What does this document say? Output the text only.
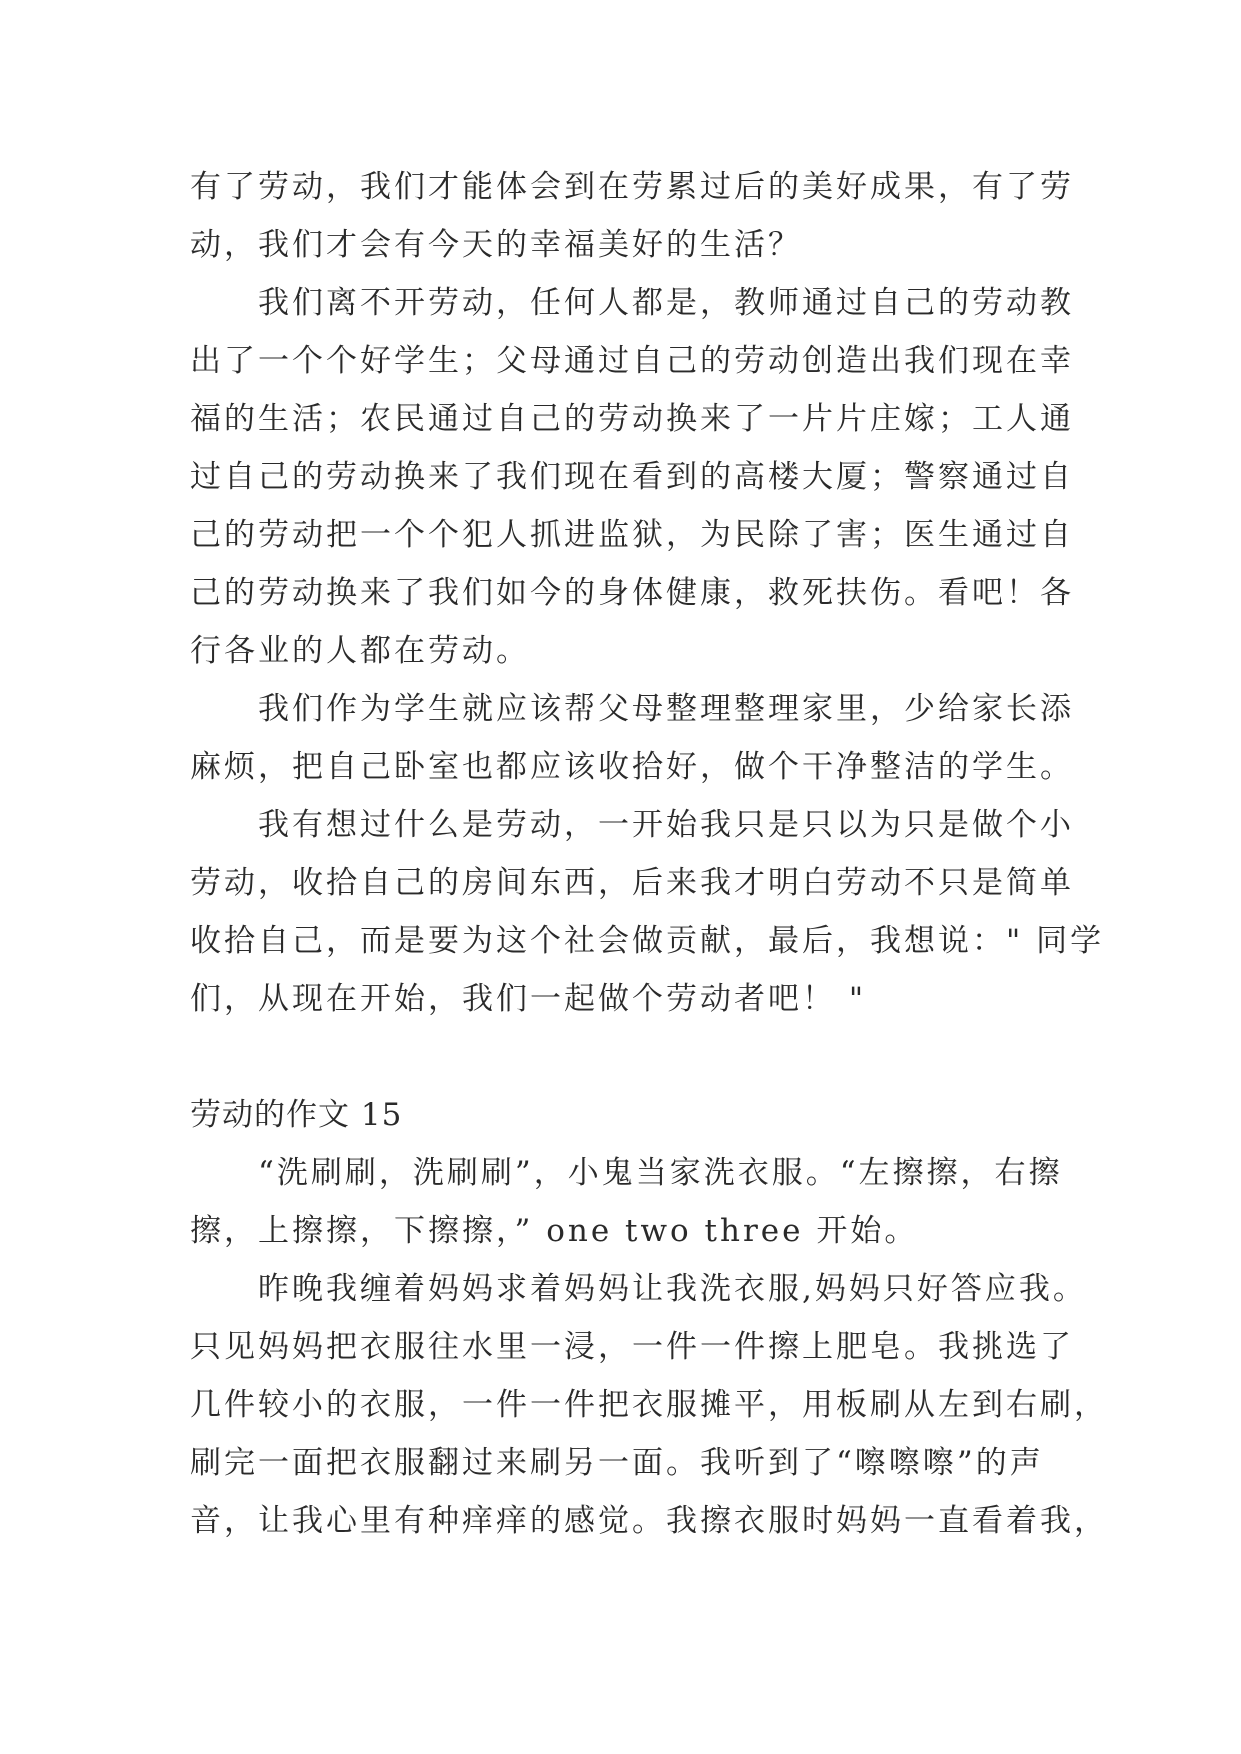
有了劳动，我们才能体会到在劳累过后的美好成果，有了劳
动，我们才会有今天的幸福美好的生活？
　　我们离不开劳动，任何人都是，教师通过自己的劳动教
出了一个个好学生；父母通过自己的劳动创造出我们现在幸
福的生活；农民通过自己的劳动换来了一片片庄嫁；工人通
过自己的劳动换来了我们现在看到的高楼大厦；警察通过自
己的劳动把一个个犯人抓进监狱，为民除了害；医生通过自
己的劳动换来了我们如今的身体健康，救死扶伤。看吧！各
行各业的人都在劳动。
　　我们作为学生就应该帮父母整理整理家里，少给家长添
麻烦，把自己卧室也都应该收拾好，做个干净整洁的学生。
　　我有想过什么是劳动，一开始我只是只以为只是做个小
劳动，收拾自己的房间东西，后来我才明白劳动不只是简单
收拾自己，而是要为这个社会做贡献，最后，我想说：" 同学
们，从现在开始，我们一起做个劳动者吧！ "
劳动的作文 15
　　“洗刷刷，洗刷刷”，小鬼当家洗衣服。“左擦擦，右擦
擦，上擦擦，下擦擦，” one two three 开始。
　　昨晚我缠着妈妈求着妈妈让我洗衣服,妈妈只好答应我。
只见妈妈把衣服往水里一浸，一件一件擦上肥皂。我挑选了
几件较小的衣服，一件一件把衣服摊平，用板刷从左到右刷，
刷完一面把衣服翻过来刷另一面。我听到了“嚓嚓嚓”的声
音，让我心里有种痒痒的感觉。我擦衣服时妈妈一直看着我，
